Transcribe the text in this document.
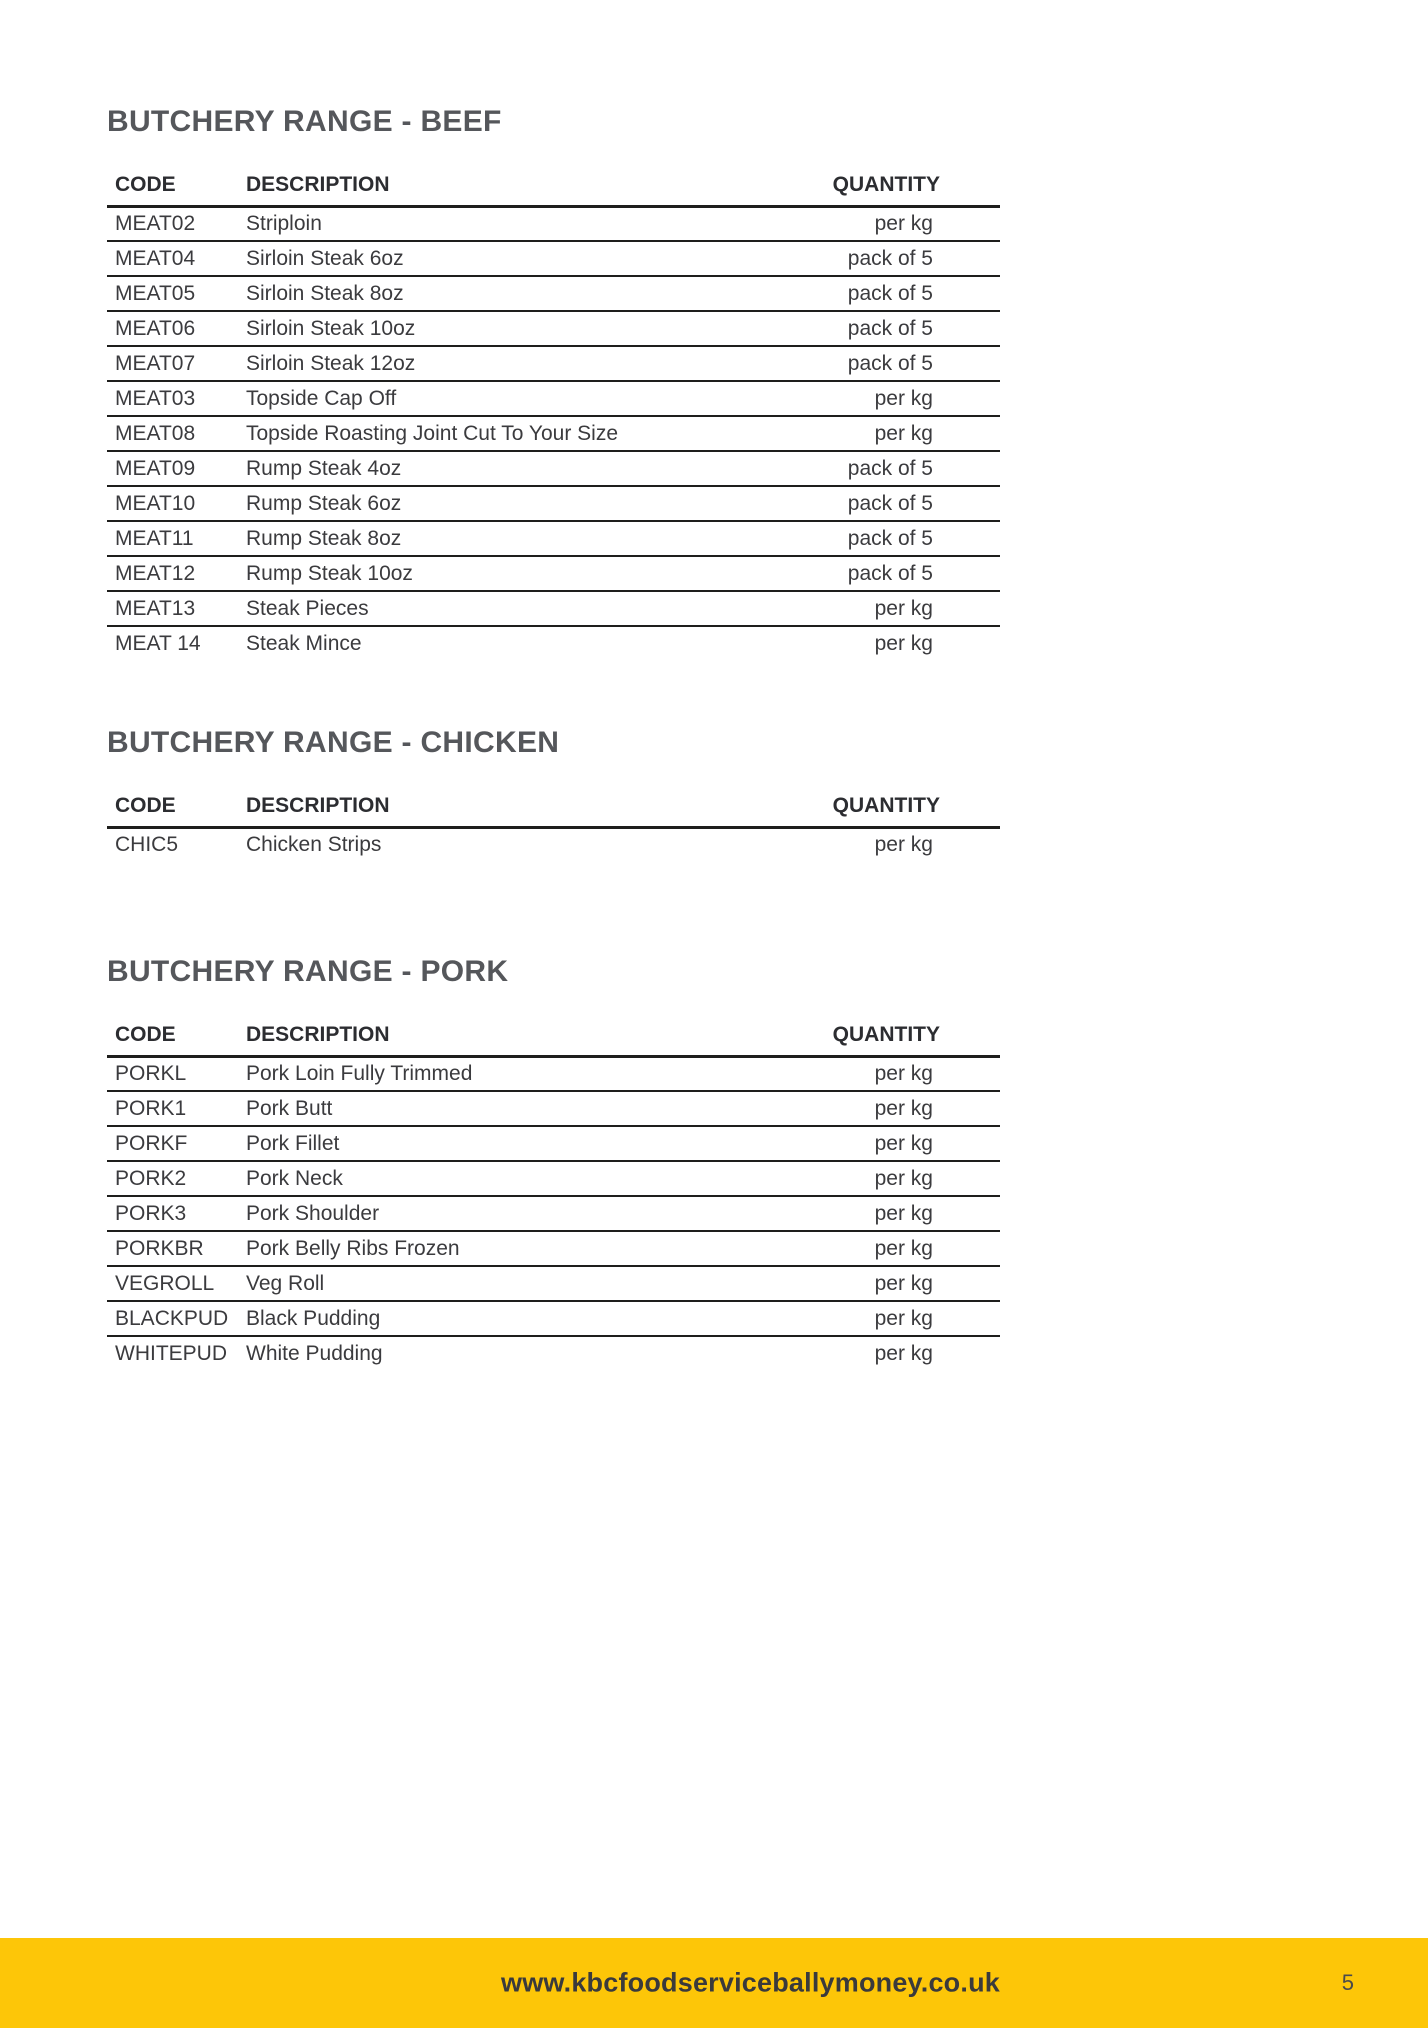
BUTCHERY RANGE - BEEF
CODE	DESCRIPTION	QUANTITY
MEAT02	Striploin	per kg
MEAT04	Sirloin Steak 6oz	pack of 5
MEAT05	Sirloin Steak 8oz	pack of 5
MEAT06	Sirloin Steak 10oz	pack of 5
MEAT07	Sirloin Steak 12oz	pack of 5
MEAT03	Topside Cap Off	per kg
MEAT08	Topside Roasting Joint Cut To Your Size	per kg
MEAT09	Rump Steak 4oz	pack of 5
MEAT10	Rump Steak 6oz	pack of 5
MEAT11	Rump Steak 8oz	pack of 5
MEAT12	Rump Steak 10oz	pack of 5
MEAT13	Steak Pieces	per kg
MEAT 14	Steak Mince	per kg
BUTCHERY RANGE - CHICKEN
CODE	DESCRIPTION	QUANTITY
CHIC5	Chicken Strips	per kg
BUTCHERY RANGE - PORK
CODE	DESCRIPTION	QUANTITY
PORKL	Pork Loin Fully Trimmed	per kg
PORK1	Pork Butt	per kg
PORKF	Pork Fillet	per kg
PORK2	Pork Neck	per kg
PORK3	Pork Shoulder	per kg
PORKBR	Pork Belly Ribs Frozen	per kg
VEGROLL	Veg Roll	per kg
BLACKPUD	Black Pudding	per kg
WHITEPUD	White Pudding	per kg
www.kbcfoodserviceballymoney.co.uk	5
